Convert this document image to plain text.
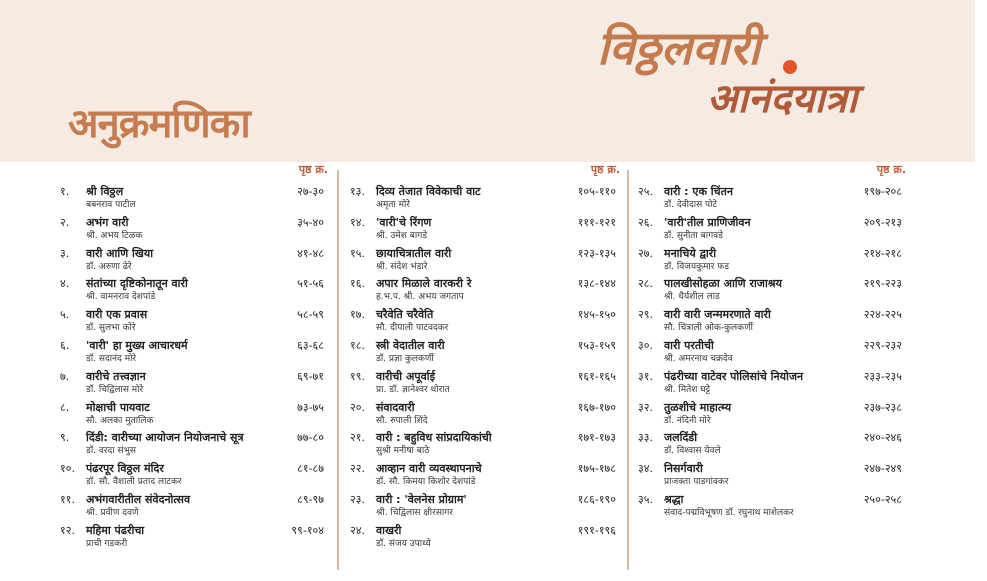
अनुक्रमणिका
विठ्ठलवारी
आनंदयात्रा
पृष्ठ क्र.
१. श्री विठ्ठल
बबनराव पाटील
२७-३०
२. अभंग वारी
श्री. अभय टिळक
३५-४०
३. वारी आणि खिया
डॉ. अरुणा ढेरे
४१-४८
४. संतांच्या दृष्टिकोनातून वारी
श्री. वामनराव देशपांडे
५१-५६
५. वारी एक प्रवास
डॉ. सुलभा कोरे
५८-५९
६. 'वारी' हा मुख्य आचारधर्म
डॉ. सदानंद मोरे
६३-६८
७. वारीचे तत्त्वज्ञान
डॉ. चिद्विलास मोरे
६९-७१
८. मोक्षाची पायवाट
सौ. अलका मुतालिक
७३-७५
९. दिंडी: वारीच्या आयोजन नियोजनाचे सूत्र
डॉ. वरदा संभुस
७७-८०
१०. पंढरपूर विठ्ठल मंदिर
डॉ. सौ. वैशाली प्रताद लाटकर
८१-८७
११. अभंगवारीतील संवेदनोत्सव
श्री. प्रवीण दवणे
८९-९७
१२. महिमा पंढरीचा
प्राची गडकरी
९९-१०४
पृष्ठ क्र.
१३. दिव्य तेजात विवेकाची वाट
अमृता मोरे
१०५-११०
१४. 'वारी'चे रिंगण
श्री. उमेश बागडे
१११-१२१
१५. छायाचित्रातील वारी
श्री. संदेश भंडारे
१२३-१३५
१६. अपार मिळाले वारकरी रे
ह.भ.प. श्री. अभय जगताप
१३८-१४४
१७. चरैवेति चरैवेति
सौ. दीपाली पाटवदकर
१४५-१५०
१८. स्त्री वेदातील वारी
डॉ. प्रज्ञा कुलकर्णी
१५३-१५९
१९. वारीची अपूर्वाई
प्रा. डॉ. ज्ञानेश्वर थोरात
१६१-१६५
२०. संवादवारी
सौ. रुपाली शिंदे
१६७-१७०
२१. वारी : बहुविध सांप्रदायिकांची
सुश्री मनीषा बाठे
१७१-१७३
२२. आव्हान वारी व्यवस्थापनाचे
डॉ. सौ. किमया किशोर देशपांडे
१७५-१७८
२३. वारी : 'वेलनेस प्रोग्राम'
श्री. चिद्विलास क्षीरसागर
१८६-१९०
२४. वाखरी
डॉ. संजय उपाध्ये
१९१-१९६
पृष्ठ क्र.
२५. वारी : एक चिंतन
डॉ. देवीदास पोटे
१९७-२०८
२६. 'वारी'तील प्राणिजीवन
डॉ. सुनीता बागवडे
२०९-२१३
२७. मनाचिये द्वारी
डॉ. विजयकुमार फड
२१४-२१८
२८. पालखीसोहळा आणि राजाश्रय
श्री. धैर्यशील लाड
२१९-२२३
२९. वारी वारी जन्ममरणाते वारी
सौ. चित्राली ओक-कुलकर्णी
२२४-२२५
३०. वारी परतीची
श्री. अमरनाथ चक्रदेव
२२९-२३२
३१. पंढरीच्या वाटेवर पोलिसांचे नियोजन
श्री. मितेश घट्टे
२३३-२३५
३२. तुळशीचे माहात्म्य
डॉ. नंदिनी मोरे
२३७-२३८
३३. जलदिंडी
डॉ. विश्वास येवले
२४०-२४६
३४. निसर्गवारी
प्राजक्ता पाडगांवकर
२४७-२४९
३५. श्रद्धा
संवाद-पद्मविभूषण डॉ. रघुनाथ माशेलकर
२५०-२५८
